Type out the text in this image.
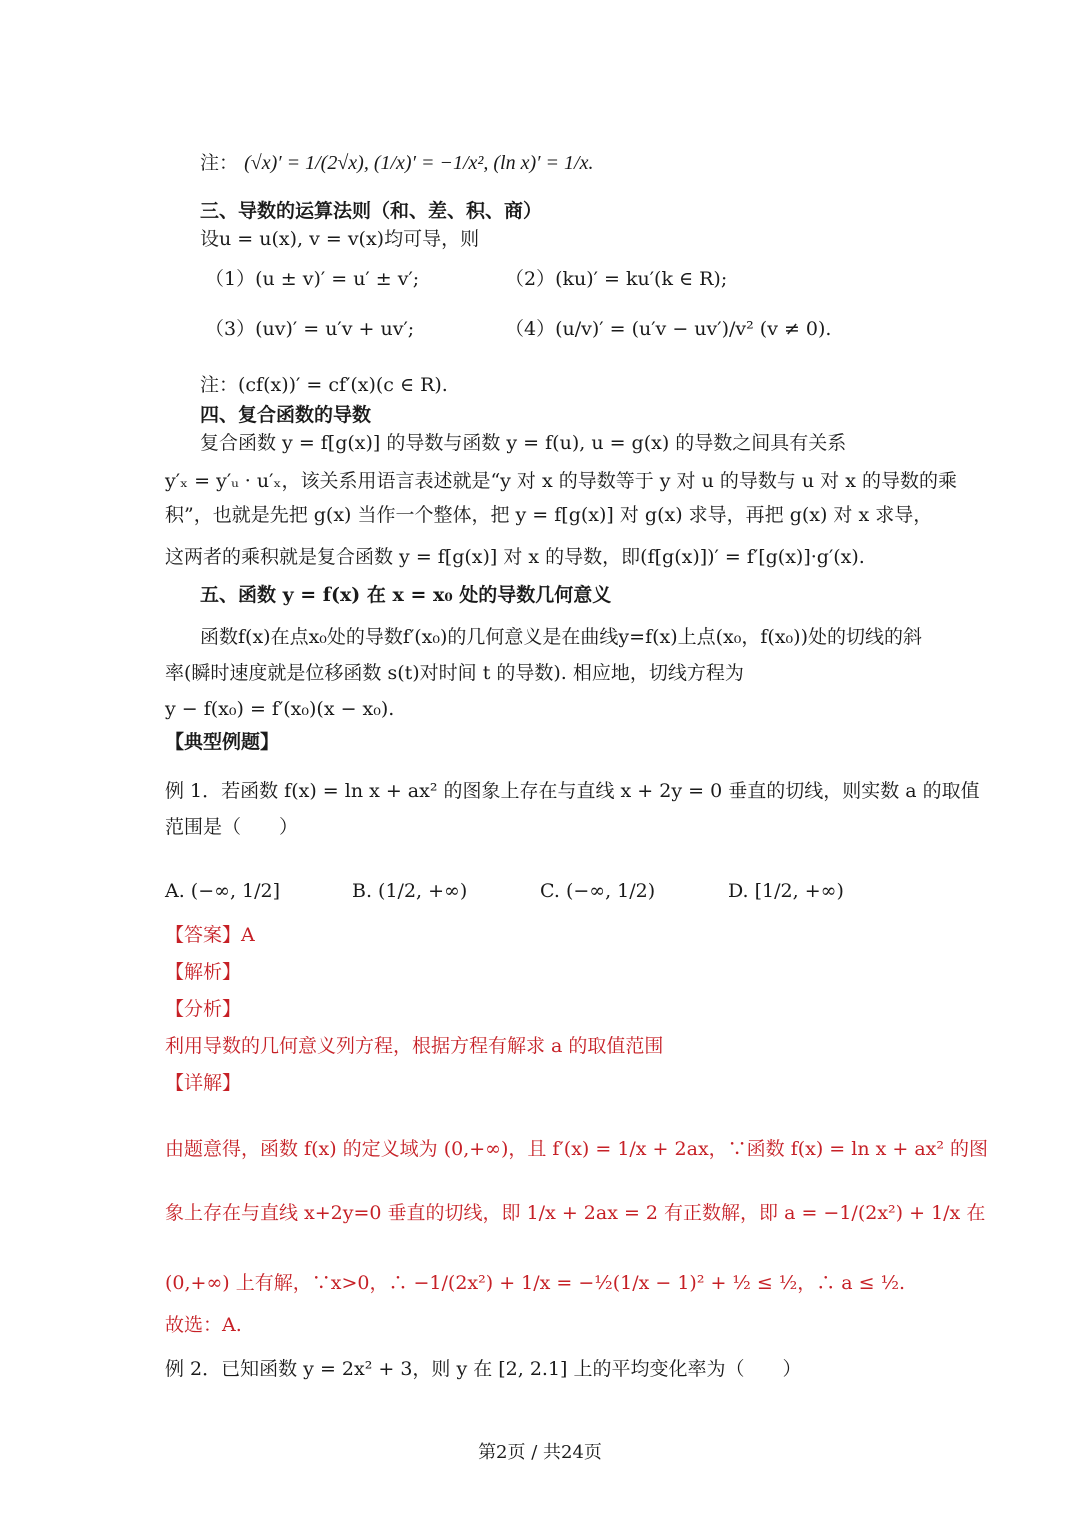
注： (√x)′ = 1/(2√x), (1/x)′ = −1/x², (ln x)′ = 1/x.
三、导数的运算法则（和、差、积、商）
设u = u(x), v = v(x)均可导，则
（1）(u ± v)′ = u′ ± v′;	（2）(ku)′ = ku′(k ∈ R);
（3）(uv)′ = u′v + uv′;	（4）(u/v)′ = (u′v − uv′)/v² (v ≠ 0).
注：(cf(x))′ = cf′(x)(c ∈ R).
四、复合函数的导数
复合函数 y = f[g(x)] 的导数与函数 y = f(u), u = g(x) 的导数之间具有关系
y′ₓ = y′ᵤ · u′ₓ，该关系用语言表述就是“y 对 x 的导数等于 y 对 u 的导数与 u 对 x 的导数的乘
积”，也就是先把 g(x) 当作一个整体，把 y = f[g(x)] 对 g(x) 求导，再把 g(x) 对 x 求导，
这两者的乘积就是复合函数 y = f[g(x)] 对 x 的导数，即(f[g(x)])′ = f′[g(x)]·g′(x).
五、函数 y = f(x) 在 x = x₀ 处的导数几何意义
函数f(x)在点x₀处的导数f′(x₀)的几何意义是在曲线y=f(x)上点(x₀，f(x₀))处的切线的斜
率(瞬时速度就是位移函数 s(t)对时间 t 的导数). 相应地，切线方程为
y − f(x₀) = f′(x₀)(x − x₀).
【典型例题】
例 1．若函数 f(x) = ln x + ax² 的图象上存在与直线 x + 2y = 0 垂直的切线，则实数 a 的取值
范围是（　　）
A. (−∞, 1/2]	B. (1/2, +∞)	C. (−∞, 1/2)	D. [1/2, +∞)
【答案】A
【解析】
【分析】
利用导数的几何意义列方程，根据方程有解求 a 的取值范围
【详解】
由题意得，函数 f(x) 的定义域为 (0,+∞)，且 f′(x) = 1/x + 2ax，∵函数 f(x) = ln x + ax² 的图
象上存在与直线 x+2y=0 垂直的切线，即 1/x + 2ax = 2 有正数解，即 a = −1/(2x²) + 1/x 在
(0,+∞) 上有解，∵x>0，∴ −1/(2x²) + 1/x = −½(1/x − 1)² + ½ ≤ ½，∴ a ≤ ½.
故选：A.
例 2．已知函数 y = 2x² + 3，则 y 在 [2, 2.1] 上的平均变化率为（　　）
第2页 / 共24页
